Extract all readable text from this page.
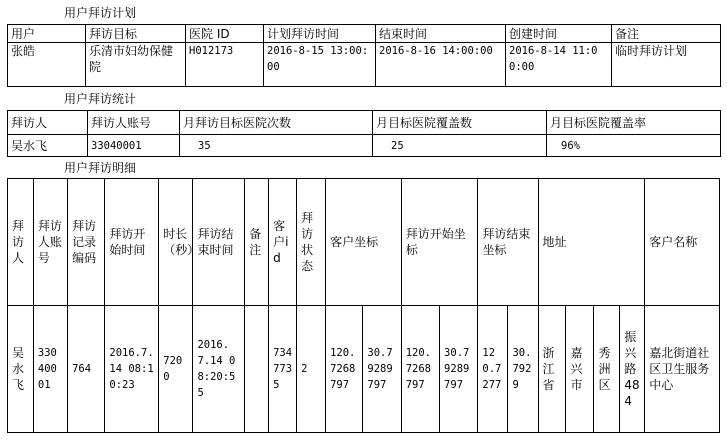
用户拜访计划
用户	拜访目标	医院 ID	计划拜访时间	结束时间	创建时间	备注
张皓	乐清市妇幼保健院	H012173	2016-8-15 13:00:00	2016-8-16 14:00:00	2016-8-14 11:00:00	临时拜访计划
用户拜访统计
拜访人	拜访人账号	月拜访目标医院次数	月目标医院覆盖数	月目标医院覆盖率
吴水飞	33040001	35	25	96%
用户拜访明细
拜访人	拜访人账号	拜访记录编码	拜访开始时间	时长（秒）	拜访结束时间	备注	客户id	拜访状态	客户坐标		拜访开始坐标		拜访结束坐标		地址				客户名称
吴水飞	33040001	764	2016.7.14 08:10:23	7200	2016.7.14 08:20:55		7347735	2	120.7268797	30.79289797	120.7268797	30.79289797	120.7277	30.7929	浙江省	嘉兴市	秀洲区	振兴路484	嘉北街道社区卫生服务中心
